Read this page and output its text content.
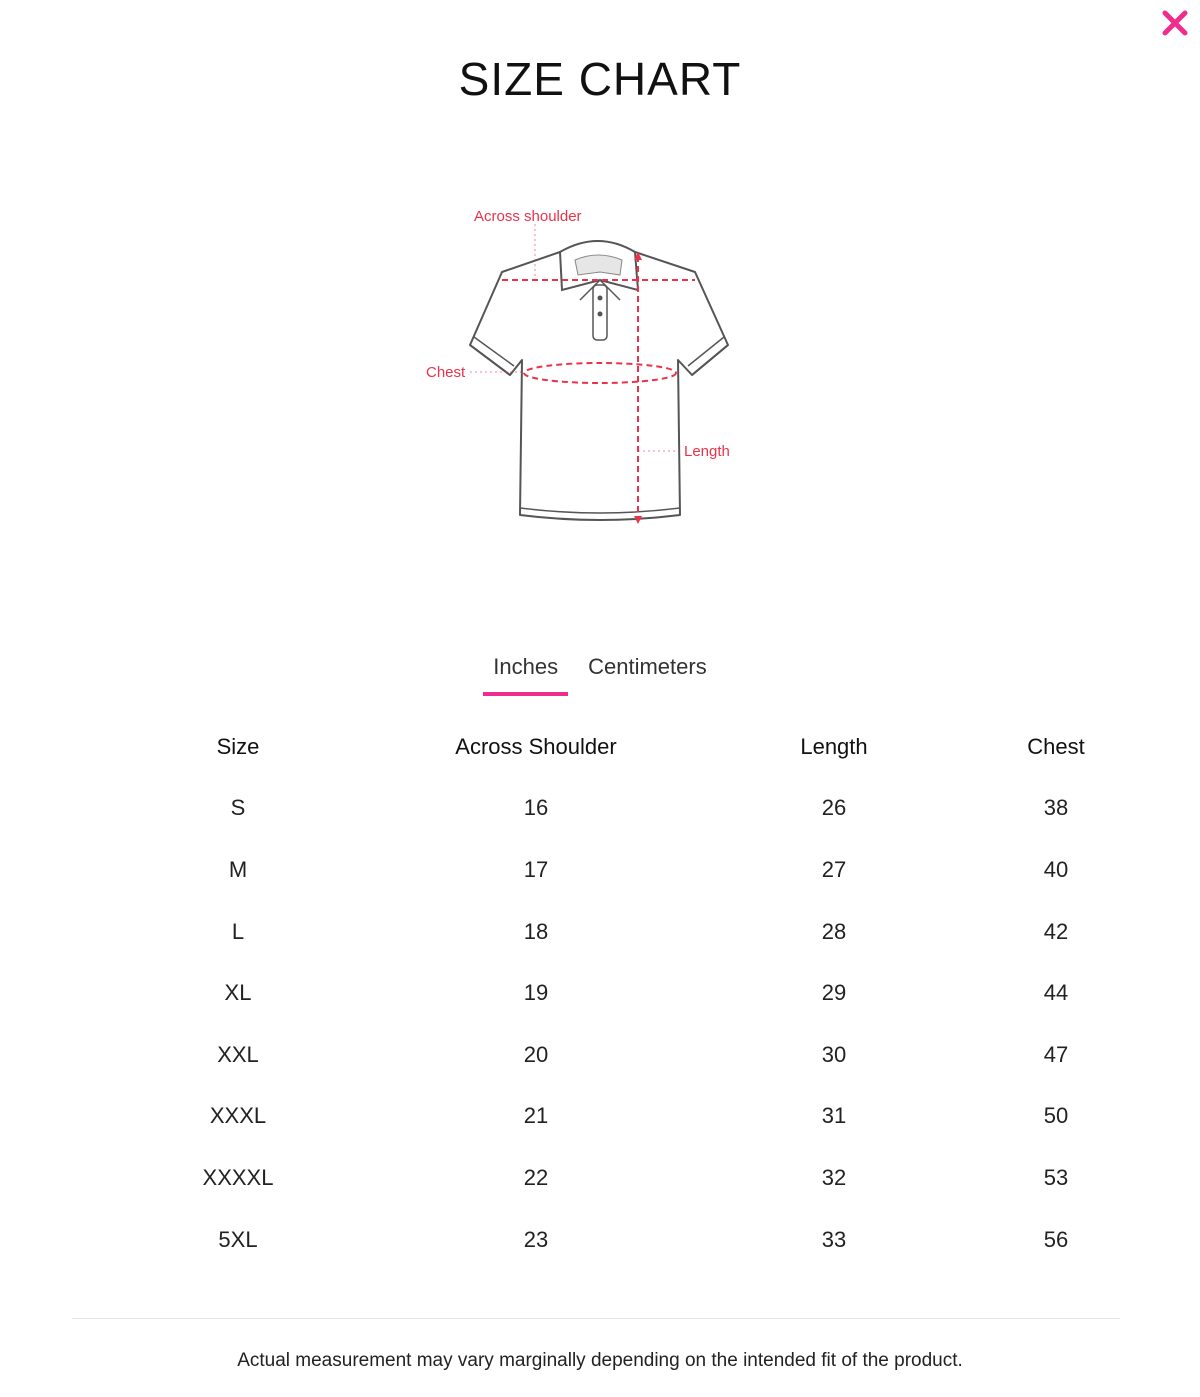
SIZE CHART
Across shoulder
Chest
Length
Inches	Centimeters
Size	Across Shoulder	Length	Chest
S	16	26	38
M	17	27	40
L	18	28	42
XL	19	29	44
XXL	20	30	47
XXXL	21	31	50
XXXXL	22	32	53
5XL	23	33	56
Actual measurement may vary marginally depending on the intended fit of the product.
